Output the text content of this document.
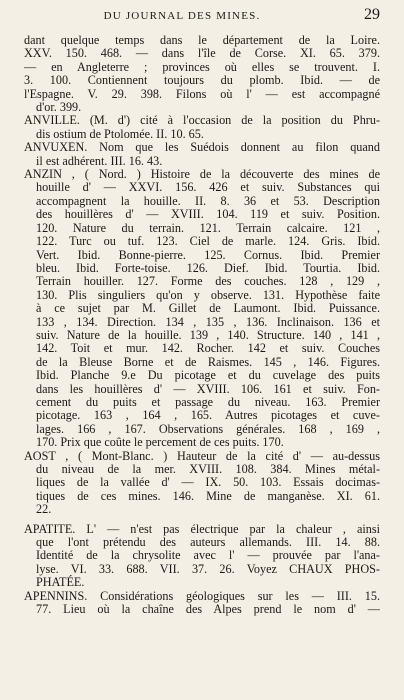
DU JOURNAL DES MINES.	29
dant quelque temps dans le département de la Loire.
XXV. 150. 468. — dans l'île de Corse. XI. 65. 379.
— en Angleterre ; provinces où elles se trouvent. I.
3. 100. Contiennent toujours du plomb. Ibid. — de
l'Espagne. V. 29. 398. Filons où l' — est accompagné
d'or. 399.
ANVILLE. (M. d') cité à l'occasion de la position du Phru-
dis ostium de Ptolomée. II. 10. 65.
ANVUXEN. Nom que les Suédois donnent au filon quand
il est adhérent. III. 16. 43.
ANZIN , ( Nord. ) Histoire de la découverte des mines de
houille d' — XXVI. 156. 426 et suiv. Substances qui
accompagnent la houille. II. 8. 36 et 53. Description
des houillères d' — XVIII. 104. 119 et suiv. Position.
120. Nature du terrain. 121. Terrain calcaire. 121 ,
122. Turc ou tuf. 123. Ciel de marle. 124. Gris. Ibid.
Vert. Ibid. Bonne-pierre. 125. Cornus. Ibid. Premier
bleu. Ibid. Forte-toise. 126. Dief. Ibid. Tourtia. Ibid.
Terrain houiller. 127. Forme des couches. 128 , 129 ,
130. Plis singuliers qu'on y observe. 131. Hypothèse faite
à ce sujet par M. Gillet de Laumont. Ibid. Puissance.
133 , 134. Direction. 134 , 135 , 136. Inclinaison. 136 et
suiv. Nature de la houille. 139 , 140. Structure. 140 , 141 ,
142. Toit et mur. 142. Rocher. 142 et suiv. Couches
de la Bleuse Borne et de Raismes. 145 , 146. Figures.
Ibid. Planche 9.e Du picotage et du cuvelage des puits
dans les houillères d' — XVIII. 106. 161 et suiv. Fon-
cement du puits et passage du niveau. 163. Premier
picotage. 163 , 164 , 165. Autres picotages et cuve-
lages. 166 , 167. Observations générales. 168 , 169 ,
170. Prix que coûte le percement de ces puits. 170.
AOST , ( Mont-Blanc. ) Hauteur de la cité d' — au-dessus
du niveau de la mer. XVIII. 108. 384. Mines métal-
liques de la vallée d' — IX. 50. 103. Essais docimas-
tiques de ces mines. 146. Mine de manganèse. XI. 61.
22.
APATITE. L' — n'est pas électrique par la chaleur , ainsi
que l'ont prétendu des auteurs allemands. III. 14. 88.
Identité de la chrysolite avec l' — prouvée par l'ana-
lyse. VI. 33. 688. VII. 37. 26. Voyez CHAUX PHOS-
PHATÉE.
APENNINS. Considérations géologiques sur les — III. 15.
77. Lieu où la chaîne des Alpes prend le nom d' —
